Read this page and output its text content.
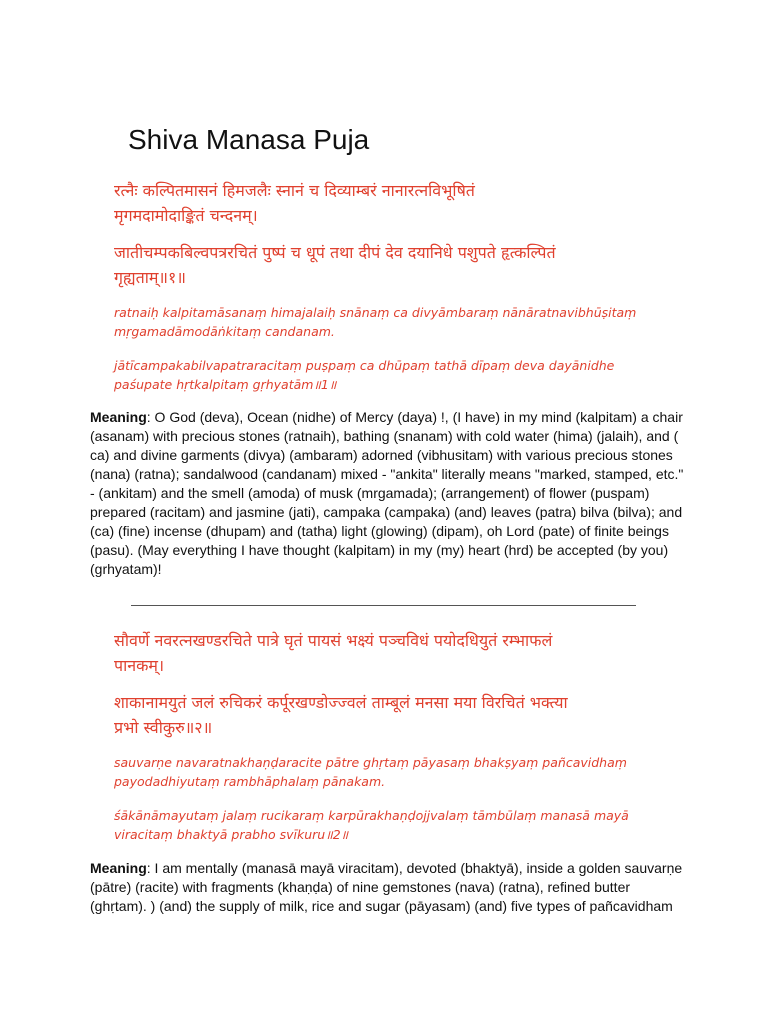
Shiva Manasa Puja

रत्नैः कल्पितमासनं हिमजलैः स्नानं च दिव्याम्बरं नानारत्नविभूषितं
मृगमदामोदाङ्कितं चन्दनम्।

जातीचम्पकबिल्वपत्ररचितं पुष्पं च धूपं तथा दीपं देव दयानिधे पशुपते हृत्कल्पितं
गृह्यताम्॥१॥

ratnaiḥ kalpitamāsanaṃ himajalaiḥ snānaṃ ca divyāmbaraṃ nānāratnavibhūṣitaṃ
mṛgamadāmodāṅkitaṃ candanam.

jātīcampakabilvapatraracitaṃ puṣpaṃ ca dhūpaṃ tathā dīpaṃ deva dayānidhe
paśupate hṛtkalpitaṃ gṛhyatām॥1॥

Meaning: O God (deva), Ocean (nidhe) of Mercy (daya) !, (I have) in my mind (kalpitam) a chair
(asanam) with precious stones (ratnaih), bathing (snanam) with cold water (hima) (jalaih), and (
ca) and divine garments (divya) (ambaram) adorned (vibhusitam) with various precious stones
(nana) (ratna); sandalwood (candanam) mixed - "ankita" literally means "marked, stamped, etc."
- (ankitam) and the smell (amoda) of musk (mrgamada); (arrangement) of flower (puspam)
prepared (racitam) and jasmine (jati), campaka (campaka) (and) leaves (patra) bilva (bilva); and
(ca) (fine) incense (dhupam) and (tatha) light (glowing) (dipam), oh Lord (pate) of finite beings
(pasu). (May everything I have thought (kalpitam) in my (my) heart (hrd) be accepted (by you)
(grhyatam)!

सौवर्णे नवरत्नखण्डरचिते पात्रे घृतं पायसं भक्ष्यं पञ्चविधं पयोदधियुतं रम्भाफलं
पानकम्।

शाकानामयुतं जलं रुचिकरं कर्पूरखण्डोज्ज्वलं ताम्बूलं मनसा मया विरचितं भक्त्या
प्रभो स्वीकुरु॥२॥

sauvarṇe navaratnakhaṇḍaracite pātre ghṛtaṃ pāyasaṃ bhakṣyaṃ pañcavidhaṃ
payodadhiyutaṃ rambhāphalaṃ pānakam.

śākānāmayutaṃ jalaṃ rucikaraṃ karpūrakhaṇḍojjvalaṃ tāmbūlaṃ manasā mayā
viracitaṃ bhaktyā prabho svīkuru॥2॥

Meaning: I am mentally (manasā mayā viracitam), devoted (bhaktyā), inside a golden sauvarṇe
(pātre) (racite) with fragments (khaṇḍa) of nine gemstones (nava) (ratna), refined butter
(ghṛtam). ) (and) the supply of milk, rice and sugar (pāyasam) (and) five types of pañcavidham
